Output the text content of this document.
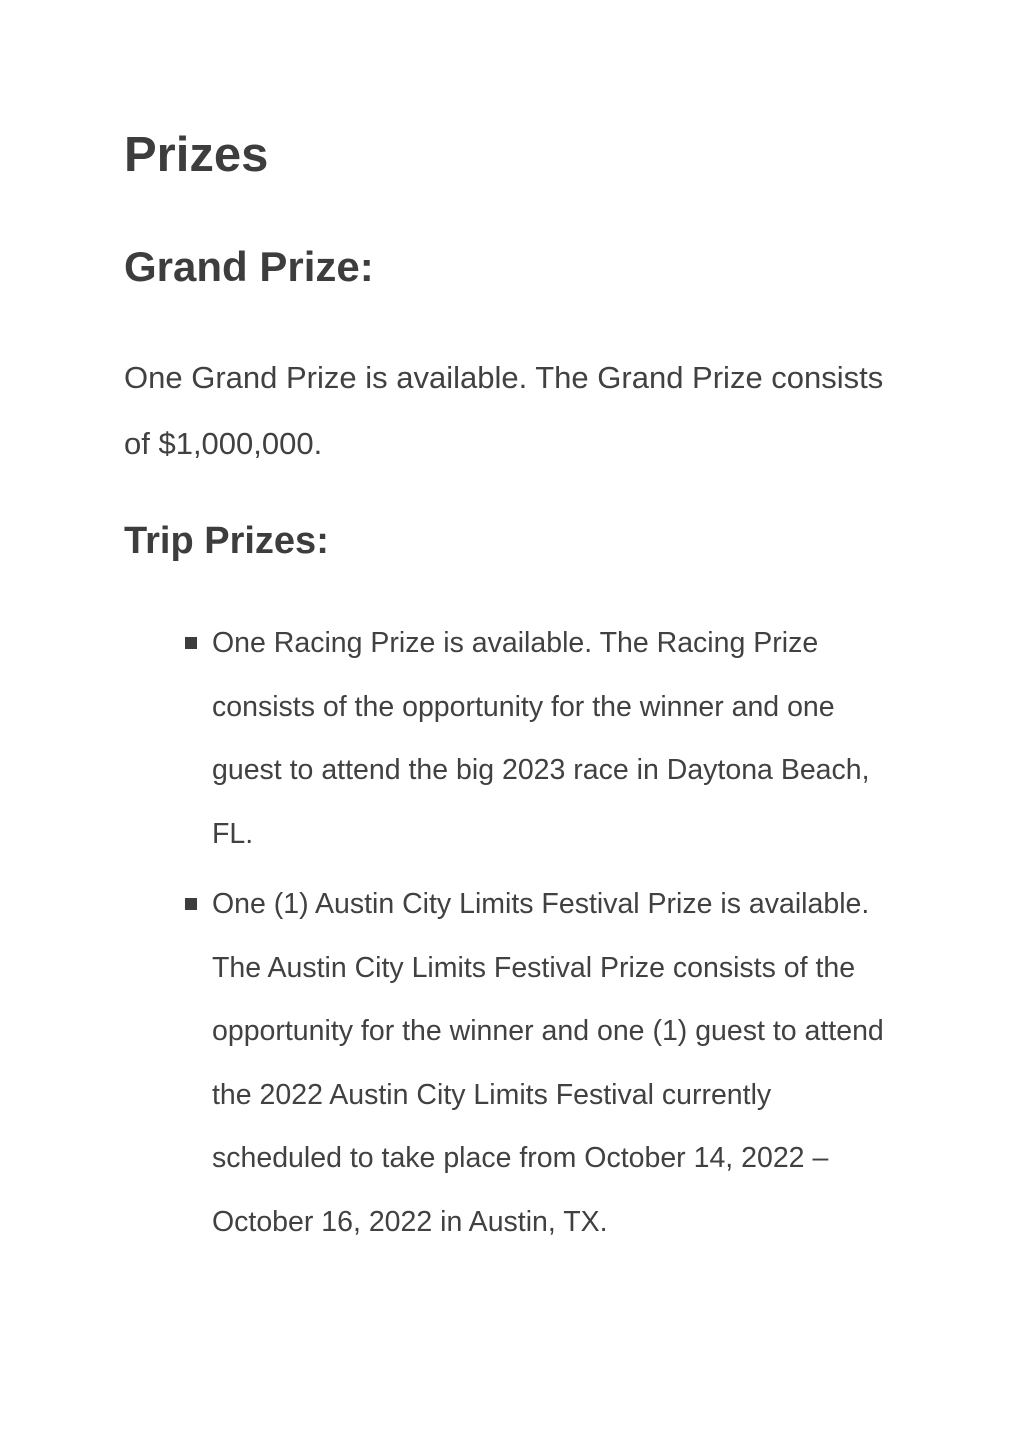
Prizes
Grand Prize:

One Grand Prize is available. The Grand Prize consists of $1,000,000.

Trip Prizes:
One Racing Prize is available. The Racing Prize consists of the opportunity for the winner and one guest to attend the big 2023 race in Daytona Beach, FL.
One (1) Austin City Limits Festival Prize is available. The Austin City Limits Festival Prize consists of the opportunity for the winner and one (1) guest to attend the 2022 Austin City Limits Festival currently scheduled to take place from October 14, 2022 – October 16, 2022 in Austin, TX.
